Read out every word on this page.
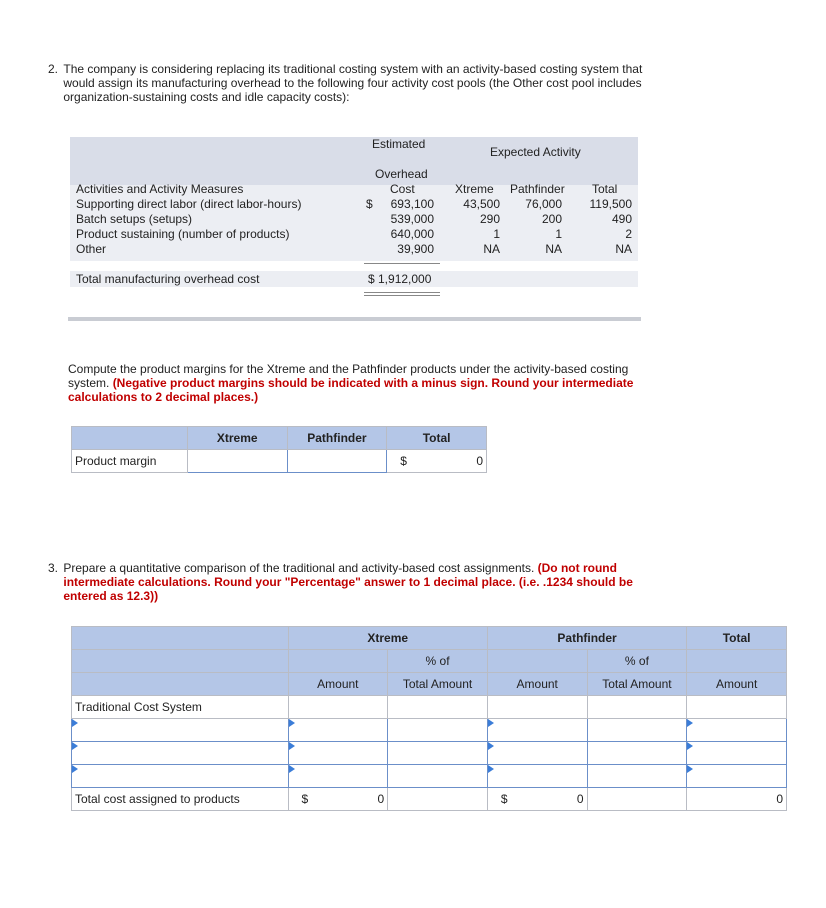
2. The company is considering replacing its traditional costing system with an activity-based costing system that would assign its manufacturing overhead to the following four activity cost pools (the Other cost pool includes organization-sustaining costs and idle capacity costs):
Estimated
Expected Activity
Overhead
Cost
Activities and Activity Measures	Xtreme Pathfinder Total
Supporting direct labor (direct labor-hours)	$	693,100	43,500	76,000	119,500
Batch setups (setups)	539,000	290	200	490
Product sustaining (number of products)	640,000	1	1	2
Other	39,900	NA	NA	NA
Total manufacturing overhead cost	$ 1,912,000
Compute the product margins for the Xtreme and the Pathfinder products under the activity-based costing system. (Negative product margins should be indicated with a minus sign. Round your intermediate calculations to 2 decimal places.)
	Xtreme	Pathfinder	Total
Product margin			$ 0
3. Prepare a quantitative comparison of the traditional and activity-based cost assignments. (Do not round intermediate calculations. Round your "Percentage" answer to 1 decimal place. (i.e. .1234 should be entered as 12.3))
	Xtreme		Pathfinder		Total
		% of		% of	
	Amount	Total Amount	Amount	Total Amount	Amount
Traditional Cost System					

Total cost assigned to products	$ 0		$ 0		0
